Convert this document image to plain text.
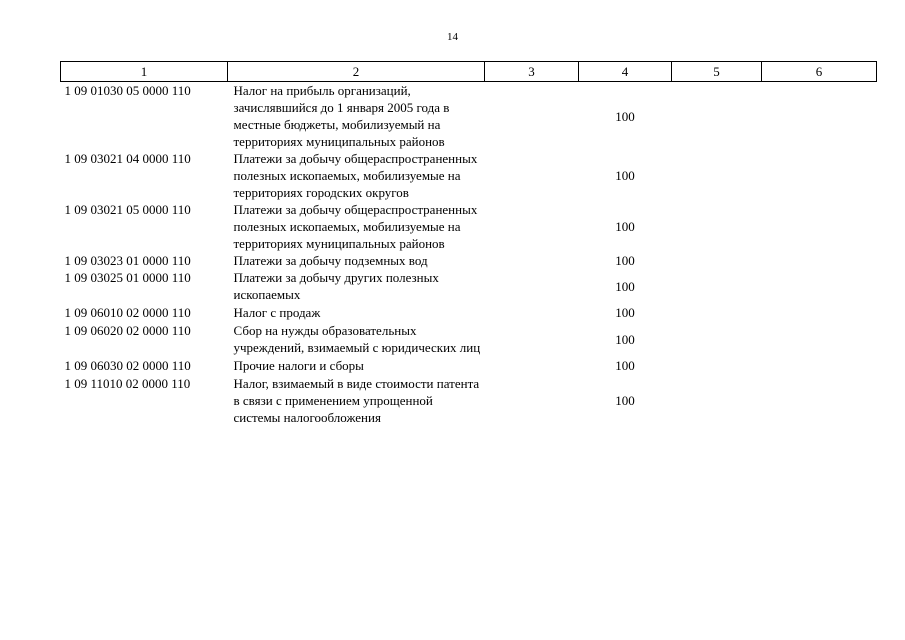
14
1	2	3	4	5	6
1 09 01030 05 0000 110	Налог на прибыль организаций, зачислявшийся до 1 января 2005 года в местные бюджеты, мобилизуемый на территориях муниципальных районов		100		
1 09 03021 04 0000 110	Платежи за добычу общераспространенных полезных ископаемых, мобилизуемые на территориях городских округов		100		
1 09 03021 05 0000 110	Платежи за добычу общераспространенных полезных ископаемых, мобилизуемые на территориях муниципальных районов		100		
1 09 03023 01 0000 110	Платежи за добычу подземных вод		100		
1 09 03025 01 0000 110	Платежи за добычу других полезных ископаемых		100		
1 09 06010 02 0000 110	Налог с продаж		100		
1 09 06020 02 0000 110	Сбор на нужды образовательных учреждений, взимаемый с юридических лиц		100		
1 09 06030 02 0000 110	Прочие налоги и сборы		100		
1 09 11010 02 0000 110	Налог, взимаемый в виде стоимости патента в связи с применением упрощенной системы налогообложения		100		
